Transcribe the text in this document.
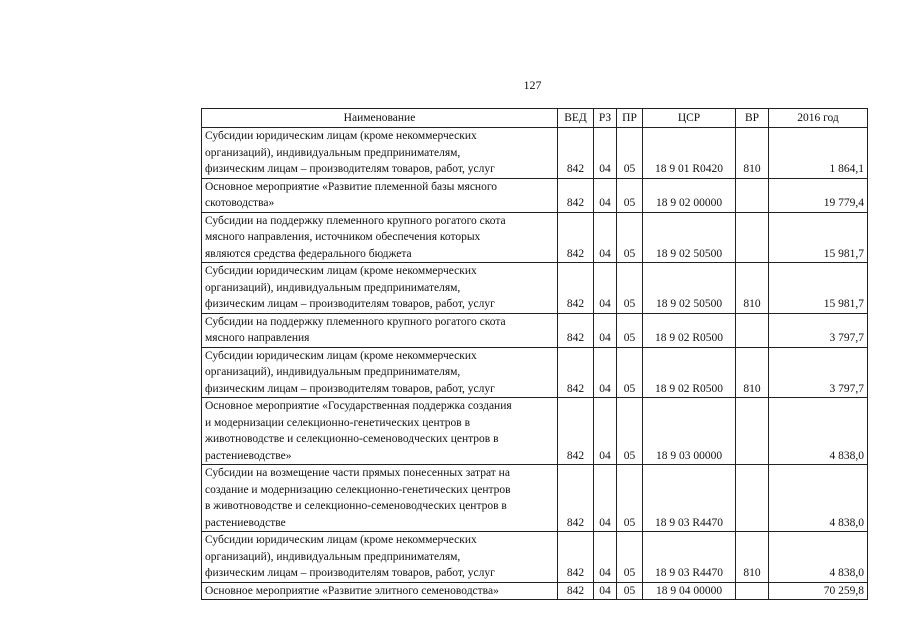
127
Наименование	ВЕД	РЗ	ПР	ЦСР	ВР	2016 год

Субсидии юридическим лицам (кроме некоммерческих
организаций), индивидуальным предпринимателям,
физическим лицам – производителям товаров, работ, услуг	842	04	05	18 9 01 R0420	810	1 864,1

Основное мероприятие «Развитие племенной базы мясного
скотоводства»	842	04	05	18 9 02 00000		19 779,4

Субсидии на поддержку племенного крупного рогатого скота
мясного направления, источником обеспечения которых
являются средства федерального бюджета	842	04	05	18 9 02 50500		15 981,7

Субсидии юридическим лицам (кроме некоммерческих
организаций), индивидуальным предпринимателям,
физическим лицам – производителям товаров, работ, услуг	842	04	05	18 9 02 50500	810	15 981,7

Субсидии на поддержку племенного крупного рогатого скота
мясного направления	842	04	05	18 9 02 R0500		3 797,7

Субсидии юридическим лицам (кроме некоммерческих
организаций), индивидуальным предпринимателям,
физическим лицам – производителям товаров, работ, услуг	842	04	05	18 9 02 R0500	810	3 797,7

Основное мероприятие «Государственная поддержка создания
и модернизации селекционно-генетических центров в
животноводстве и селекционно-семеноводческих центров в
растениеводстве»	842	04	05	18 9 03 00000		4 838,0

Субсидии на возмещение части прямых понесенных затрат на
создание и модернизацию селекционно-генетических центров
в животноводстве и селекционно-семеноводческих центров в
растениеводстве	842	04	05	18 9 03 R4470		4 838,0

Субсидии юридическим лицам (кроме некоммерческих
организаций), индивидуальным предпринимателям,
физическим лицам – производителям товаров, работ, услуг	842	04	05	18 9 03 R4470	810	4 838,0

Основное мероприятие «Развитие элитного семеноводства»	842	04	05	18 9 04 00000		70 259,8
